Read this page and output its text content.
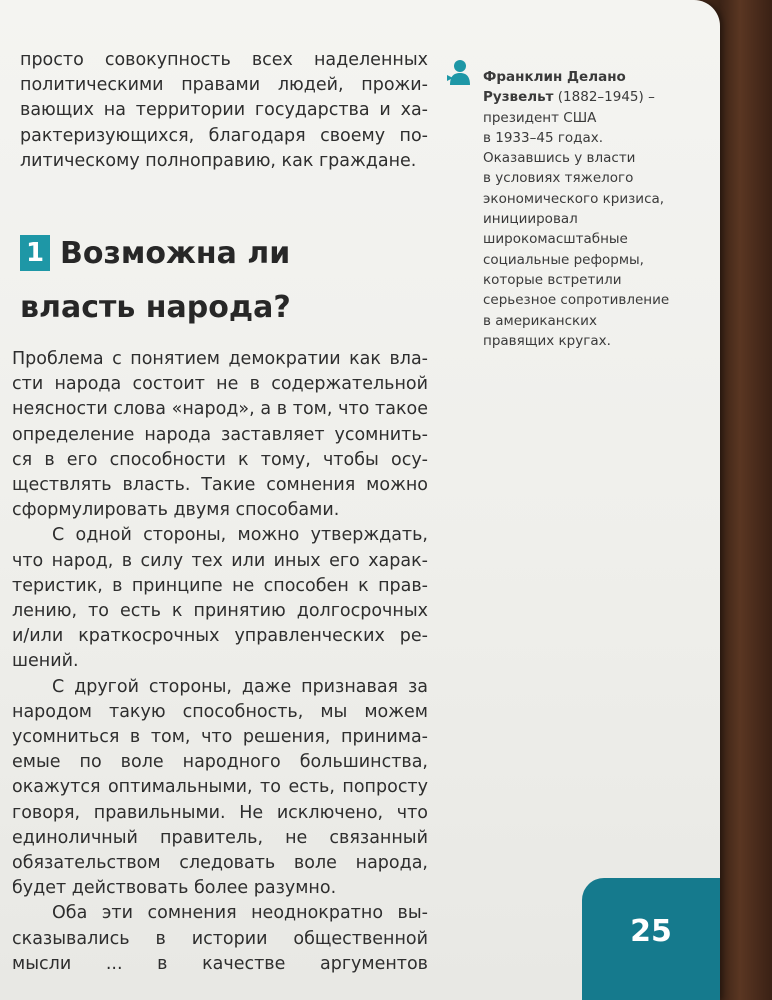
просто совокупность всех наделенных
политическими правами людей, прожи-
вающих на территории государства и ха-
рактеризующихся, благодаря своему по-
литическому полноправию, как граждане.
1 Возможна ли
власть народа?
Проблема с понятием демократии как вла-
сти народа состоит не в содержательной
неясности слова «народ», а в том, что такое
определение народа заставляет усомнить-
ся в его способности к тому, чтобы осу-
ществлять власть. Такие сомнения можно
сформулировать двумя способами.
С одной стороны, можно утверждать,
что народ, в силу тех или иных его харак-
теристик, в принципе не способен к прав-
лению, то есть к принятию долгосрочных
и/или краткосрочных управленческих ре-
шений.
С другой стороны, даже признавая за
народом такую способность, мы можем
усомниться в том, что решения, принима-
емые по воле народного большинства,
окажутся оптимальными, то есть, попросту
говоря, правильными. Не исключено, что
единоличный правитель, не связанный
обязательством следовать воле народа,
будет действовать более разумно.
Оба эти сомнения неоднократно вы-
сказывались в истории общественной
мысли ... в качестве аргументов
Франклин Делано
Рузвельт (1882–1945) –
президент США
в 1933–45 годах.
Оказавшись у власти
в условиях тяжелого
экономического кризиса,
инициировал
широкомасштабные
социальные реформы,
которые встретили
серьезное сопротивление
в американских
правящих кругах.
25
